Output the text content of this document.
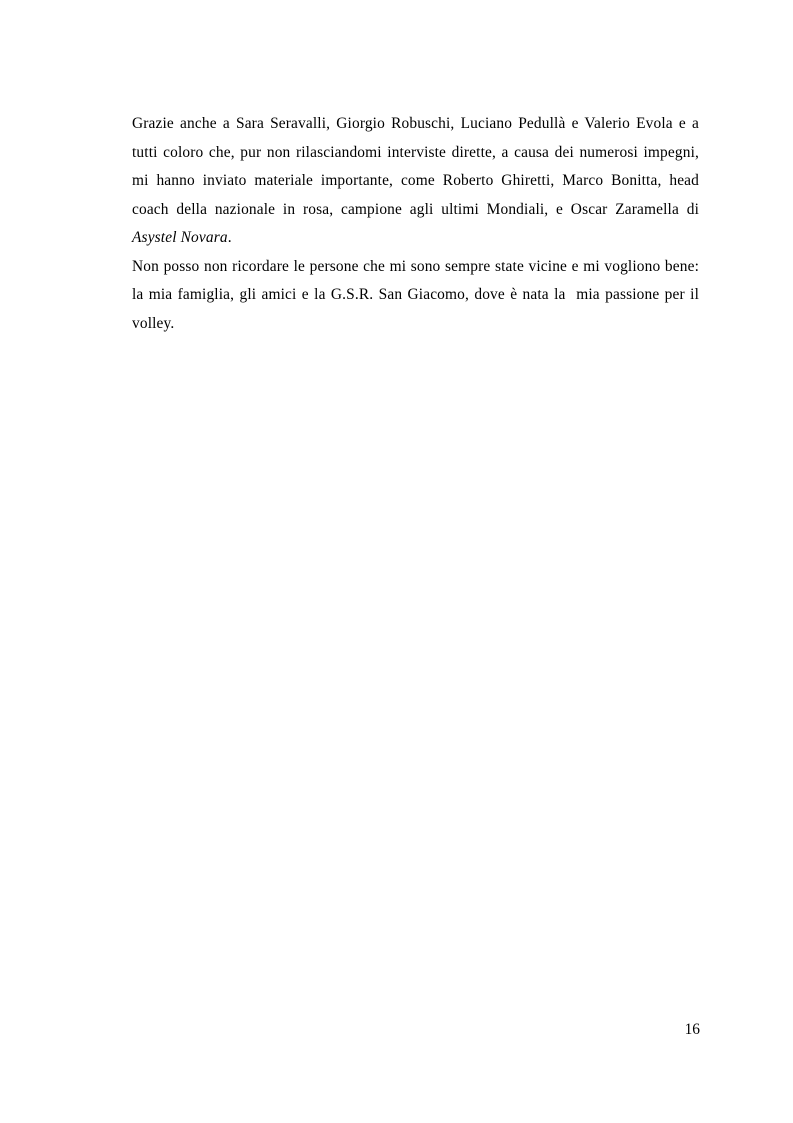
Grazie anche a Sara Seravalli, Giorgio Robuschi, Luciano Pedullà e Valerio Evola e a tutti coloro che, pur non rilasciandomi interviste dirette, a causa dei numerosi impegni, mi hanno inviato materiale importante, come Roberto Ghiretti, Marco Bonitta, head coach della nazionale in rosa, campione agli ultimi Mondiali, e Oscar Zaramella di Asystel Novara.

Non posso non ricordare le persone che mi sono sempre state vicine e mi vogliono bene: la mia famiglia, gli amici e la G.S.R. San Giacomo, dove è nata la  mia passione per il volley.

16
